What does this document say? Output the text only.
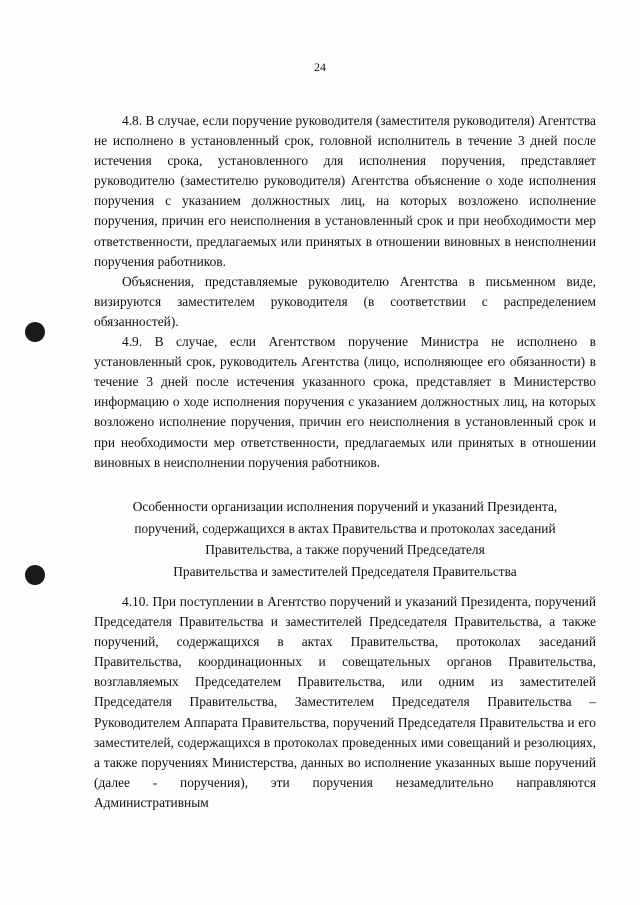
24

4.8. В случае, если поручение руководителя (заместителя руководителя) Агентства не исполнено в установленный срок, головной исполнитель в течение 3 дней после истечения срока, установленного для исполнения поручения, представляет руководителю (заместителю руководителя) Агентства объяснение о ходе исполнения поручения с указанием должностных лиц, на которых возложено исполнение поручения, причин его неисполнения в установленный срок и при необходимости мер ответственности, предлагаемых или принятых в отношении виновных в неисполнении поручения работников.

Объяснения, представляемые руководителю Агентства в письменном виде, визируются заместителем руководителя (в соответствии с распределением обязанностей).

4.9. В случае, если Агентством поручение Министра не исполнено в установленный срок, руководитель Агентства (лицо, исполняющее его обязанности) в течение 3 дней после истечения указанного срока, представляет в Министерство информацию о ходе исполнения поручения с указанием должностных лиц, на которых возложено исполнение поручения, причин его неисполнения в установленный срок и при необходимости мер ответственности, предлагаемых или принятых в отношении виновных в неисполнении поручения работников.

Особенности организации исполнения поручений и указаний Президента,
поручений, содержащихся в актах Правительства и протоколах заседаний
Правительства, а также поручений Председателя
Правительства и заместителей Председателя Правительства

4.10. При поступлении в Агентство поручений и указаний Президента, поручений Председателя Правительства и заместителей Председателя Правительства, а также поручений, содержащихся в актах Правительства, протоколах заседаний Правительства, координационных и совещательных органов Правительства, возглавляемых Председателем Правительства, или одним из заместителей Председателя Правительства, Заместителем Председателя Правительства – Руководителем Аппарата Правительства, поручений Председателя Правительства и его заместителей, содержащихся в протоколах проведенных ими совещаний и резолюциях, а также поручениях Министерства, данных во исполнение указанных выше поручений (далее - поручения), эти поручения незамедлительно направляются Административным
